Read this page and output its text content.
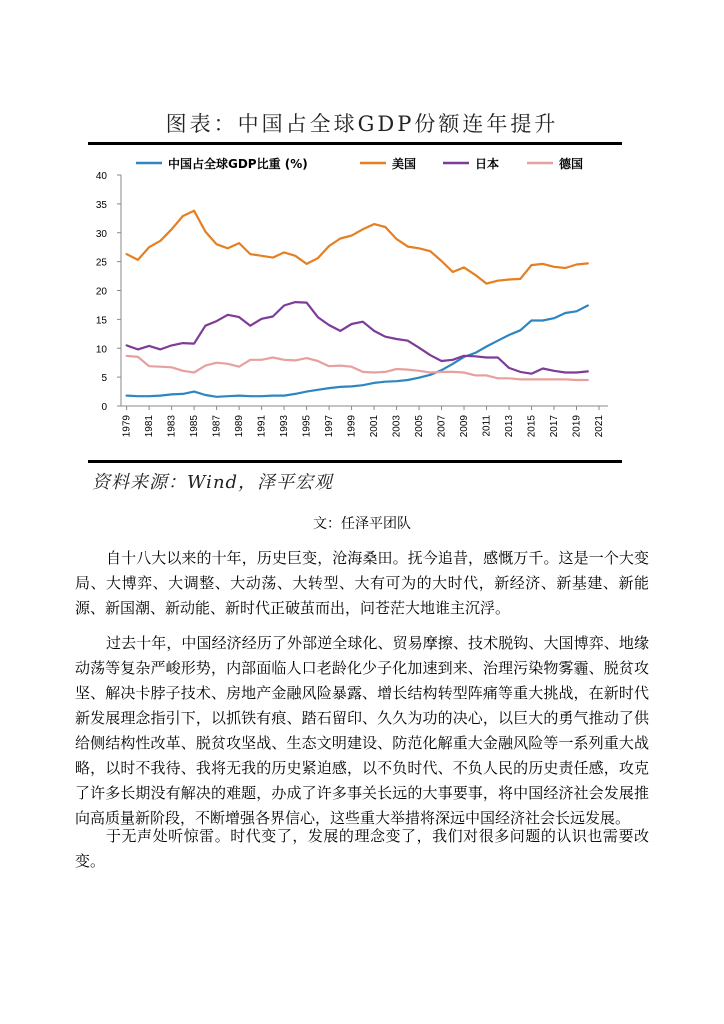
图表：中国占全球GDP份额连年提升
40
35
30
25
20
15
10
5
0
1979 1981 1983 1985 1987 1989 1991 1993 1995 1997 1999 2001 2003 2005 2007 2009 2011 2013 2015 2017 2019 2021
中国占全球GDP比重 (%)	美国	日本	德国
资料来源：Wind，泽平宏观
文：任泽平团队

自十八大以来的十年，历史巨变，沧海桑田。抚今追昔，感慨万千。这是一个大变局、大博弈、大调整、大动荡、大转型、大有可为的大时代，新经济、新基建、新能源、新国潮、新动能、新时代正破茧而出，问苍茫大地谁主沉浮。

过去十年，中国经济经历了外部逆全球化、贸易摩擦、技术脱钩、大国博弈、地缘动荡等复杂严峻形势，内部面临人口老龄化少子化加速到来、治理污染物雾霾、脱贫攻坚、解决卡脖子技术、房地产金融风险暴露、增长结构转型阵痛等重大挑战，在新时代新发展理念指引下，以抓铁有痕、踏石留印、久久为功的决心，以巨大的勇气推动了供给侧结构性改革、脱贫攻坚战、生态文明建设、防范化解重大金融风险等一系列重大战略，以时不我待、我将无我的历史紧迫感，以不负时代、不负人民的历史责任感，攻克了许多长期没有解决的难题，办成了许多事关长远的大事要事，将中国经济社会发展推向高质量新阶段，不断增强各界信心，这些重大举措将深远中国经济社会长远发展。

于无声处听惊雷。时代变了，发展的理念变了，我们对很多问题的认识也需要改变。
